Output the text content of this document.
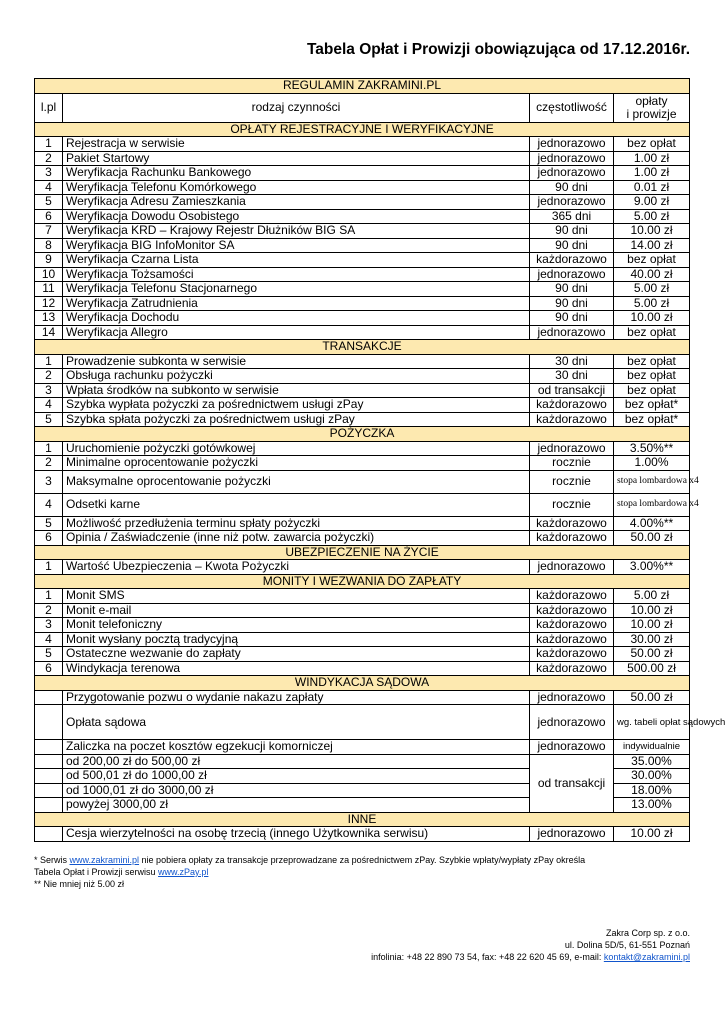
Tabela Opłat i Prowizji obowiązująca od 17.12.2016r.
REGULAMIN ZAKRAMINI.PL			
l.pl	rodzaj czynności	częstotliwość	opłaty
i prowizje
OPŁATY REJESTRACYJNE I WERYFIKACYJNE			
1	Rejestracja w serwisie	jednorazowo	bez opłat
2	Pakiet Startowy	jednorazowo	1.00 zł
3	Weryfikacja Rachunku Bankowego	jednorazowo	1.00 zł
4	Weryfikacja Telefonu Komórkowego	90 dni	0.01 zł
5	Weryfikacja Adresu Zamieszkania	jednorazowo	9.00 zł
6	Weryfikacja Dowodu Osobistego	365 dni	5.00 zł
7	Weryfikacja KRD – Krajowy Rejestr Dłużników BIG SA	90 dni	10.00 zł
8	Weryfikacja BIG InfoMonitor SA	90 dni	14.00 zł
9	Weryfikacja Czarna Lista	każdorazowo	bez opłat
10	Weryfikacja Tożsamości	jednorazowo	40.00 zł
11	Weryfikacja Telefonu Stacjonarnego	90 dni	5.00 zł
12	Weryfikacja Zatrudnienia	90 dni	5.00 zł
13	Weryfikacja Dochodu	90 dni	10.00 zł
14	Weryfikacja Allegro	jednorazowo	bez opłat
TRANSAKCJE			
1	Prowadzenie subkonta w serwisie	30 dni	bez opłat
2	Obsługa rachunku pożyczki	30 dni	bez opłat
3	Wpłata środków na subkonto w serwisie	od transakcji	bez opłat
4	Szybka wypłata pożyczki za pośrednictwem usługi zPay	każdorazowo	bez opłat*
5	Szybka spłata pożyczki za pośrednictwem usługi zPay	każdorazowo	bez opłat*
POŻYCZKA			
1	Uruchomienie pożyczki gotówkowej	jednorazowo	3.50%**
2	Minimalne oprocentowanie pożyczki	rocznie	1.00%
3	Maksymalne oprocentowanie pożyczki	rocznie	stopa lombardowa x4
4	Odsetki karne	rocznie	stopa lombardowa x4
5	Możliwość przedłużenia terminu spłaty pożyczki	każdorazowo	4.00%**
6	Opinia / Zaświadczenie (inne niż potw. zawarcia pożyczki)	każdorazowo	50.00 zł
UBEZPIECZENIE NA ŻYCIE			
1	Wartość Ubezpieczenia – Kwota Pożyczki	jednorazowo	3.00%**
MONITY I WEZWANIA DO ZAPŁATY			
1	Monit SMS	każdorazowo	5.00 zł
2	Monit e-mail	każdorazowo	10.00 zł
3	Monit telefoniczny	każdorazowo	10.00 zł
4	Monit wysłany pocztą tradycyjną	każdorazowo	30.00 zł
5	Ostateczne wezwanie do zapłaty	każdorazowo	50.00 zł
6	Windykacja terenowa	każdorazowo	500.00 zł
WINDYKACJA SĄDOWA			
	Przygotowanie pozwu o wydanie nakazu zapłaty	jednorazowo	50.00 zł
	Opłata sądowa	jednorazowo	wg. tabeli opłat sądowych
	Zaliczka na poczet kosztów egzekucji komorniczej	jednorazowo	indywidualnie
	od 200,00 zł do 500,00 zł	od transakcji	35.00%
	od 500,01 zł do 1000,00 zł		30.00%
	od 1000,01 zł do 3000,00 zł		18.00%
	powyżej 3000,00 zł		13.00%
INNE			
	Cesja wierzytelności na osobę trzecią (innego Użytkownika serwisu)	jednorazowo	10.00 zł
* Serwis www.zakramini.pl nie pobiera opłaty za transakcje przeprowadzane za pośrednictwem zPay. Szybkie wpłaty/wypłaty zPay określa
Tabela Opłat i Prowizji serwisu www.zPay.pl
** Nie mniej niż 5.00 zł
Zakra Corp sp. z o.o.
ul. Dolina 5D/5, 61-551 Poznań
infolinia: +48 22 890 73 54, fax: +48 22 620 45 69, e-mail: kontakt@zakramini.pl
